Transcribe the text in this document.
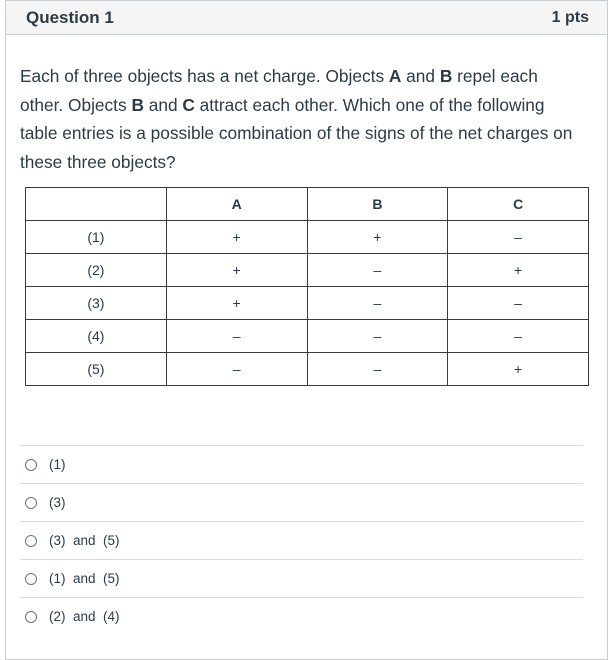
Question 1	1 pts
Each of three objects has a net charge. Objects A and B repel each other. Objects B and C attract each other. Which one of the following table entries is a possible combination of the signs of the net charges on these three objects?
	A	B	C
(1)	+	+	–
(2)	+	–	+
(3)	+	–	–
(4)	–	–	–
(5)	–	–	+
(1)
(3)
(3)  and  (5)
(1)  and  (5)
(2)  and  (4)
